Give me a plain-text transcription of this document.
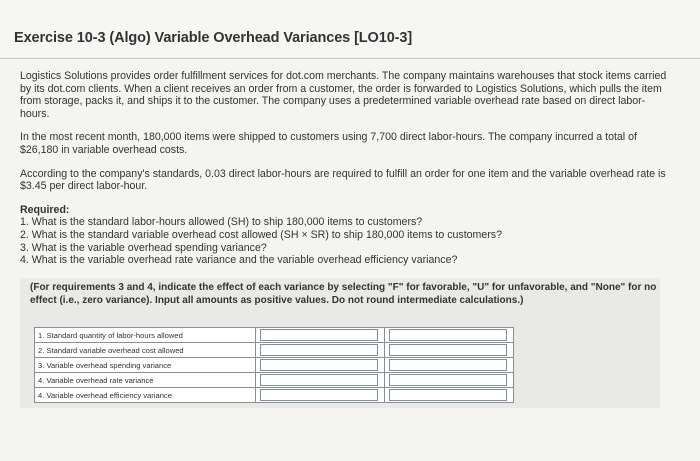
Exercise 10-3 (Algo) Variable Overhead Variances [LO10-3]

Logistics Solutions provides order fulfillment services for dot.com merchants. The company maintains warehouses that stock items carried by its dot.com clients. When a client receives an order from a customer, the order is forwarded to Logistics Solutions, which pulls the item from storage, packs it, and ships it to the customer. The company uses a predetermined variable overhead rate based on direct labor-hours.

In the most recent month, 180,000 items were shipped to customers using 7,700 direct labor-hours. The company incurred a total of $26,180 in variable overhead costs.

According to the company's standards, 0.03 direct labor-hours are required to fulfill an order for one item and the variable overhead rate is $3.45 per direct labor-hour.

Required:

1. What is the standard labor-hours allowed (SH) to ship 180,000 items to customers?
2. What is the standard variable overhead cost allowed (SH × SR) to ship 180,000 items to customers?
3. What is the variable overhead spending variance?
4. What is the variable overhead rate variance and the variable overhead efficiency variance?
(For requirements 3 and 4, indicate the effect of each variance by selecting "F" for favorable, "U" for unfavorable, and "None" for no effect (i.e., zero variance). Input all amounts as positive values. Do not round intermediate calculations.)
1. Standard quantity of labor-hours allowed		
2. Standard variable overhead cost allowed		
3. Variable overhead spending variance		
4. Variable overhead rate variance		
4. Variable overhead efficiency variance		
